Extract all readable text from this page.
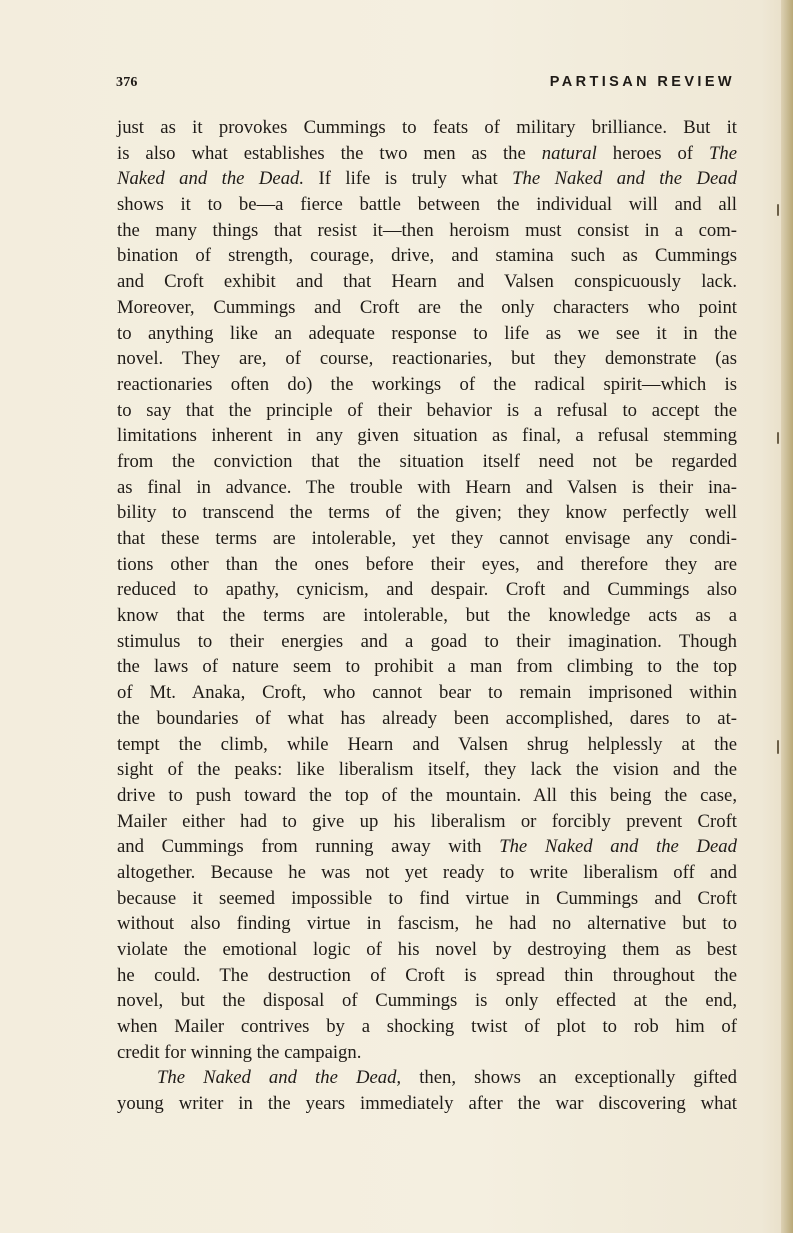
376	PARTISAN REVIEW
just as it provokes Cummings to feats of military brilliance. But it
is also what establishes the two men as the natural heroes of The
Naked and the Dead. If life is truly what The Naked and the Dead
shows it to be—a fierce battle between the individual will and all
the many things that resist it—then heroism must consist in a com-
bination of strength, courage, drive, and stamina such as Cummings
and Croft exhibit and that Hearn and Valsen conspicuously lack.
Moreover, Cummings and Croft are the only characters who point
to anything like an adequate response to life as we see it in the
novel. They are, of course, reactionaries, but they demonstrate (as
reactionaries often do) the workings of the radical spirit—which is
to say that the principle of their behavior is a refusal to accept the
limitations inherent in any given situation as final, a refusal stemming
from the conviction that the situation itself need not be regarded
as final in advance. The trouble with Hearn and Valsen is their ina-
bility to transcend the terms of the given; they know perfectly well
that these terms are intolerable, yet they cannot envisage any condi-
tions other than the ones before their eyes, and therefore they are
reduced to apathy, cynicism, and despair. Croft and Cummings also
know that the terms are intolerable, but the knowledge acts as a
stimulus to their energies and a goad to their imagination. Though
the laws of nature seem to prohibit a man from climbing to the top
of Mt. Anaka, Croft, who cannot bear to remain imprisoned within
the boundaries of what has already been accomplished, dares to at-
tempt the climb, while Hearn and Valsen shrug helplessly at the
sight of the peaks: like liberalism itself, they lack the vision and the
drive to push toward the top of the mountain. All this being the case,
Mailer either had to give up his liberalism or forcibly prevent Croft
and Cummings from running away with The Naked and the Dead
altogether. Because he was not yet ready to write liberalism off and
because it seemed impossible to find virtue in Cummings and Croft
without also finding virtue in fascism, he had no alternative but to
violate the emotional logic of his novel by destroying them as best
he could. The destruction of Croft is spread thin throughout the
novel, but the disposal of Cummings is only effected at the end,
when Mailer contrives by a shocking twist of plot to rob him of
credit for winning the campaign.
The Naked and the Dead, then, shows an exceptionally gifted
young writer in the years immediately after the war discovering what
